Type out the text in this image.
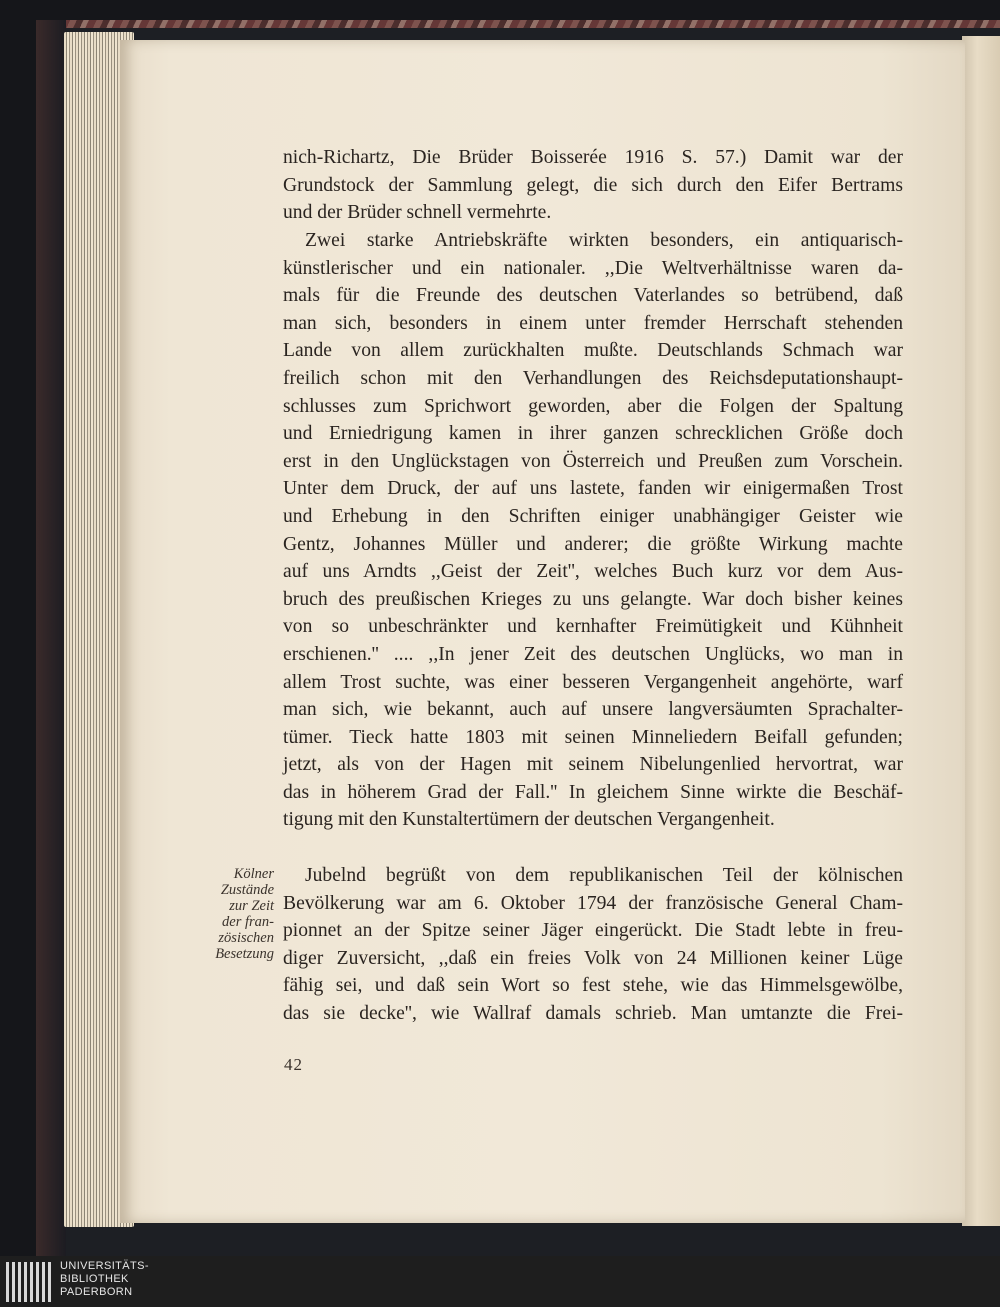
nich-Richartz, Die Brüder Boisserée 1916 S. 57.) Damit war der
Grundstock der Sammlung gelegt, die sich durch den Eifer Bertrams
und der Brüder schnell vermehrte.
Zwei starke Antriebskräfte wirkten besonders, ein antiquarisch-
künstlerischer und ein nationaler. ,,Die Weltverhältnisse waren da-
mals für die Freunde des deutschen Vaterlandes so betrübend, daß
man sich, besonders in einem unter fremder Herrschaft stehenden
Lande von allem zurückhalten mußte. Deutschlands Schmach war
freilich schon mit den Verhandlungen des Reichsdeputationshaupt-
schlusses zum Sprichwort geworden, aber die Folgen der Spaltung
und Erniedrigung kamen in ihrer ganzen schrecklichen Größe doch
erst in den Unglückstagen von Österreich und Preußen zum Vorschein.
Unter dem Druck, der auf uns lastete, fanden wir einigermaßen Trost
und Erhebung in den Schriften einiger unabhängiger Geister wie
Gentz, Johannes Müller und anderer; die größte Wirkung machte
auf uns Arndts ,,Geist der Zeit'', welches Buch kurz vor dem Aus-
bruch des preußischen Krieges zu uns gelangte. War doch bisher keines
von so unbeschränkter und kernhafter Freimütigkeit und Kühnheit
erschienen.'' .... ,,In jener Zeit des deutschen Unglücks, wo man in
allem Trost suchte, was einer besseren Vergangenheit angehörte, warf
man sich, wie bekannt, auch auf unsere langversäumten Sprachalter-
tümer. Tieck hatte 1803 mit seinen Minneliedern Beifall gefunden;
jetzt, als von der Hagen mit seinem Nibelungenlied hervortrat, war
das in höherem Grad der Fall.'' In gleichem Sinne wirkte die Beschäf-
tigung mit den Kunstaltertümern der deutschen Vergangenheit.
Kölner
Zustände
zur Zeit
der fran-
zösischen
Besetzung
Jubelnd begrüßt von dem republikanischen Teil der kölnischen
Bevölkerung war am 6. Oktober 1794 der französische General Cham-
pionnet an der Spitze seiner Jäger eingerückt. Die Stadt lebte in freu-
diger Zuversicht, ,,daß ein freies Volk von 24 Millionen keiner Lüge
fähig sei, und daß sein Wort so fest stehe, wie das Himmelsgewölbe,
das sie decke'', wie Wallraf damals schrieb. Man umtanzte die Frei-
42
UNIVERSITÄTS-
BIBLIOTHEK
PADERBORN
